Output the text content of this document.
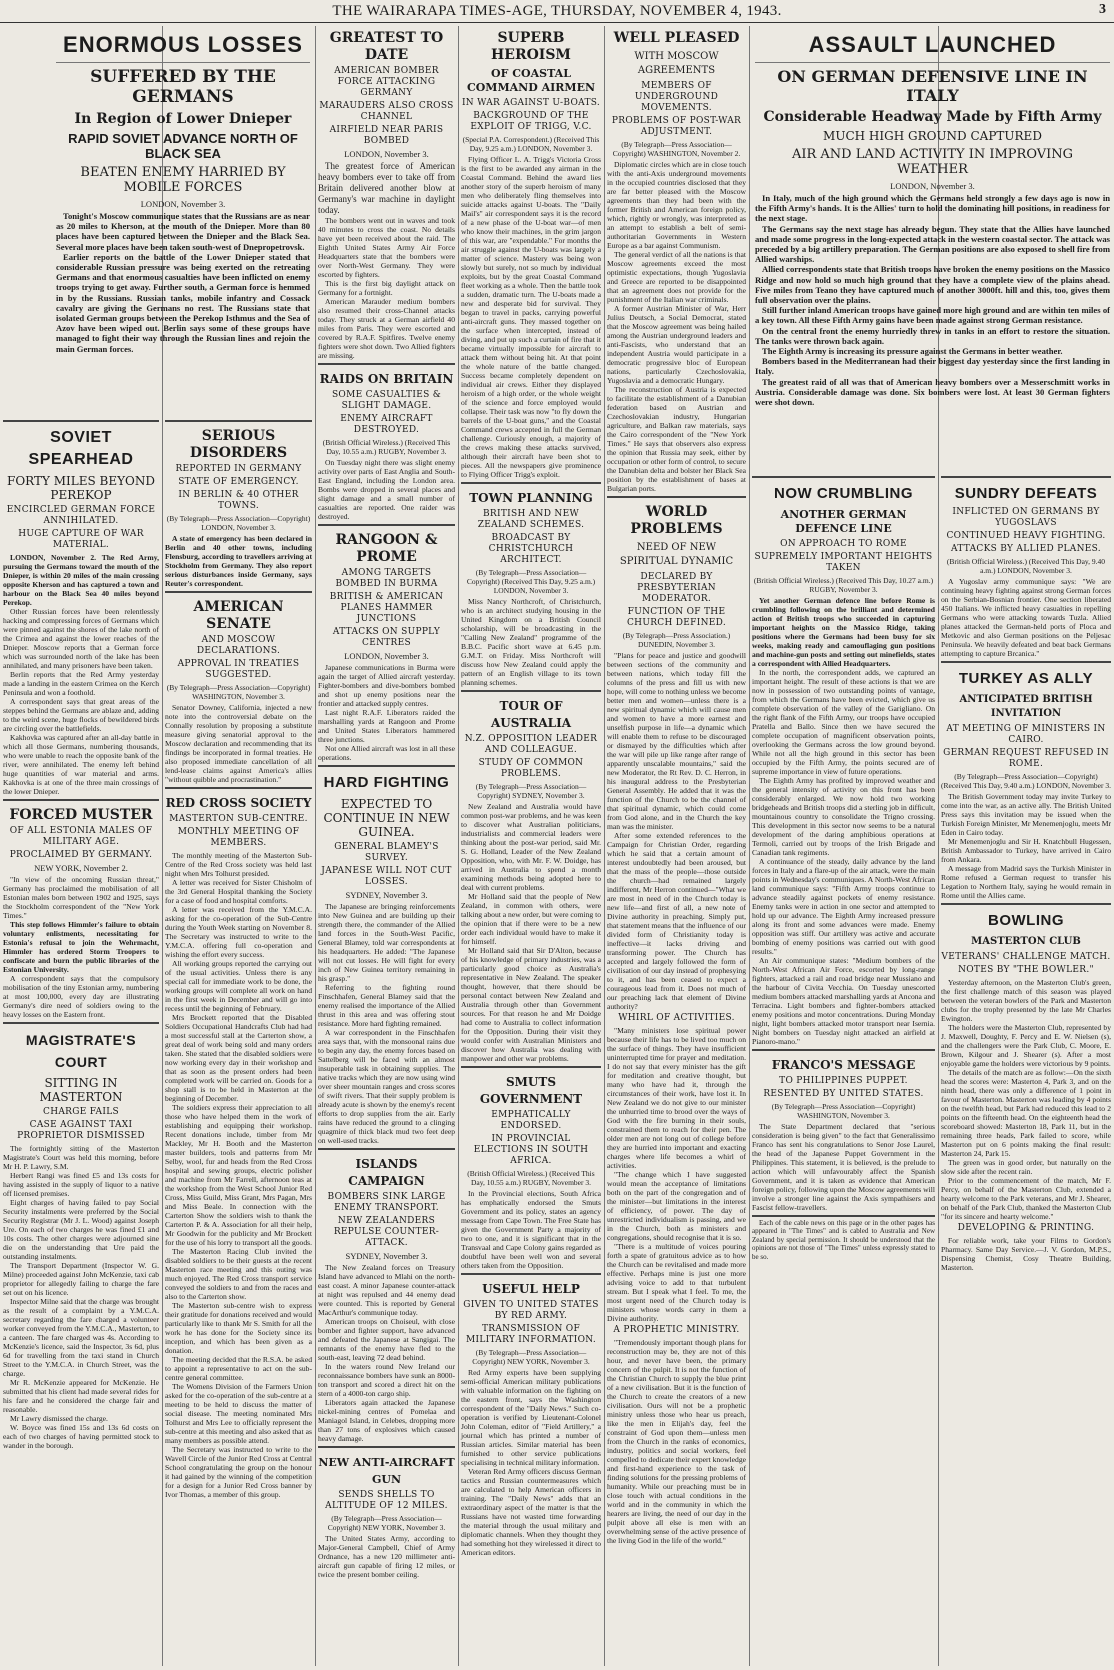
THE WAIRARAPA TIMES-AGE, THURSDAY, NOVEMBER 4, 1943.	3
ENORMOUS LOSSES
SUFFERED BY THE GERMANS
In Region of Lower Dnieper
RAPID SOVIET ADVANCE NORTH OF BLACK SEA
BEATEN ENEMY HARRIED BY MOBILE FORCES
LONDON, November 3.

Tonight's Moscow communique states that the Russians are as near as 20 miles to Kherson, at the mouth of the Dnieper. More than 80 places have been captured between the Dnieper and the Black Sea. Several more places have been taken south-west of Dnepropetrovsk.

Earlier reports on the battle of the Lower Dnieper stated that considerable Russian pressure was being exerted on the retreating Germans and that enormous casualties have been inflicted on enemy troops trying to get away. Further south, a German force is hemmed in by the Russians. Russian tanks, mobile infantry and Cossack cavalry are giving the Germans no rest. The Russians state that isolated German groups between the Perekop Isthmus and the Sea of Azov have been wiped out. Berlin says some of these groups have managed to fight their way through the Russian lines and rejoin the main German forces.

SOVIET SPEARHEAD
FORTY MILES BEYOND PEREKOP
ENCIRCLED GERMAN FORCE ANNIHILATED.
HUGE CAPTURE OF WAR MATERIAL.

LONDON, November 2. The Red Army, pursuing the Germans toward the mouth of the Dnieper, is within 20 miles of the main crossing opposite Kherson and has captured a town and harbour on the Black Sea 40 miles beyond Perekop.

Other Russian forces have been relentlessly hacking and compressing forces of Germans which were pinned against the shores of the lake north of the Crimea and against the lower reaches of the Dnieper. Moscow reports that a German force which was surrounded north of the lake has been annihilated, and many prisoners have been taken.

Berlin reports that the Red Army yesterday made a landing in the eastern Crimea on the Kerch Peninsula and won a foothold.

A correspondent says that great areas of the steppes behind the Germans are ablaze and, adding to the weird scene, huge flocks of bewildered birds are circling over the battlefields.

Kakhovka was captured after an all-day battle in which all those Germans, numbering thousands, who were unable to reach the opposite bank of the river, were annihilated. The enemy left behind huge quantities of war material and arms. Kakhovka is at one of the three main crossings of the lower Dnieper.

FORCED MUSTER
OF ALL ESTONIA MALES OF MILITARY AGE.
PROCLAIMED BY GERMANY.
NEW YORK, November 2.

"In view of the oncoming Russian threat," Germany has proclaimed the mobilisation of all Estonian males born between 1902 and 1925, says the Stockholm correspondent of the "New York Times."

This step follows Himmler's failure to obtain voluntary enlistments, necessitating for Estonia's refusal to join the Wehrmacht, Himmler has ordered Storm Troopers to confiscate and burn the public libraries of the Estonian University.

A correspondent says that the compulsory mobilisation of the tiny Estonian army, numbering at most 100,000, every day are illustrating Germany's dire need of soldiers owing to the heavy losses on the Eastern front.

MAGISTRATE'S COURT
SITTING IN MASTERTON
CHARGE FAILS
CASE AGAINST TAXI PROPRIETOR DISMISSED

The fortnightly sitting of the Masterton Magistrate's Court was held this morning, before Mr H. P. Lawry, S.M.

Herbert Rangi was fined £5 and 13s costs for having assisted in the supply of liquor to a native off licensed premises.

Eight charges of having failed to pay Social Security instalments were preferred by the Social Security Registrar (Mr J. L. Wood) against Joseph Ure. On each of two charges he was fined £1 and 10s costs. The other charges were adjourned sine die on the understanding that Ure paid the outstanding instalments.

The Transport Department (Inspector W. G. Milne) proceeded against John McKenzie, taxi cab proprietor for allegedly failing to charge the fare set out on his licence.

Inspector Milne said that the charge was brought as the result of a complaint by a Y.M.C.A. secretary regarding the fare charged a volunteer worker conveyed from the Y.M.C.A., Masterton, to a canteen. The fare charged was 4s. According to McKenzie's licence, said the Inspector, 3s 6d, plus 6d for travelling from the taxi stand in Church Street to the Y.M.C.A. in Church Street, was the charge.

Mr R. McKenzie appeared for McKenzie. He submitted that his client had made several rides for his fare and he considered the charge fair and reasonable.

Mr Lawry dismissed the charge.

W. Boyce was fined 15s and 13s 6d costs on each of two charges of having permitted stock to wander in the borough.

SERIOUS DISORDERS
REPORTED IN GERMANY
STATE OF EMERGENCY.
IN BERLIN & 40 OTHER TOWNS.
(By Telegraph—Press Association—Copyright) LONDON, November 3.

A state of emergency has been declared in Berlin and 40 other towns, including Flensburg, according to travellers arriving at Stockholm from Germany. They also report serious disturbances inside Germany, says Reuter's correspondent.

AMERICAN SENATE
AND MOSCOW DECLARATIONS.
APPROVAL IN TREATIES SUGGESTED.
(By Telegraph—Press Association—Copyright) WASHINGTON, November 3.

Senator Downey, California, injected a new note into the controversial debate on the Connally resolution by proposing a substitute measure giving senatorial approval to the Moscow declaration and recommending that its findings be incorporated in formal treaties. He also proposed immediate cancellation of all lend-lease claims against America's allies "without quibble and procrastination."

RED CROSS SOCIETY
MASTERTON SUB-CENTRE.
MONTHLY MEETING OF MEMBERS.

The monthly meeting of the Masterton Sub-Centre of the Red Cross society was held last night when Mrs Tolhurst presided.

A letter was received for Sister Chisholm of the 3rd General Hospital thanking the Society for a case of food and hospital comforts.

A letter was received from the Y.M.C.A. asking for the co-operation of the Sub-Centre during the Youth Week starting on November 8. The Secretary was instructed to write to the Y.M.C.A. offering full co-operation and wishing the effort every success.

All working groups reported the carrying out of the usual activities. Unless there is any special call for immediate work to be done, the working groups will complete all work on hand in the first week in December and will go into recess until the beginning of February.

Mrs Brockett reported that the Disabled Soldiers Occupational Handcrafts Club had had a most successful stall at the Carterton show, a great deal of work being sold and many orders taken. She stated that the disabled soldiers were now working every day in their workshop and that as soon as the present orders had been completed work will be carried on. Goods for a shop stall is to be held in Masterton at the beginning of December.

The soldiers express their appreciation to all those who have helped them in the work of establishing and equipping their workshop. Recent donations include, timber from Mr Mackley, Mr H. Booth and the Masterton master builders, tools and patterns from Mr Selby, wool, fur and heads from the Red Cross hospital and sewing groups, electric polisher and machine from Mr Farrell, afternoon teas at the workshop from the West School Junior Red Cross, Miss Guild, Miss Grant, Mrs Pagan, Mrs and Miss Beale. In connection with the Carterton Show the soldiers wish to thank the Carterton P. & A. Association for all their help, Mr Goodwin for the publicity and Mr Brockett for the use of his lorry to transport all the goods.

The Masterton Racing Club invited the disabled soldiers to be their guests at the recent Masterton race meeting and this outing was much enjoyed. The Red Cross transport service conveyed the soldiers to and from the races and also to the Carterton show.

The Masterton sub-centre wish to express their gratitude for donations received and would particularly like to thank Mr S. Smith for all the work he has done for the Society since its inception, and which has been given as a donation.

The meeting decided that the R.S.A. be asked to appoint a representative to act on the sub-centre general committee.

The Womens Division of the Farmers Union asked for the co-operation of the sub-centre at a meeting to be held to discuss the matter of social disease. The meeting nominated Mrs Tolhurst and Mrs Lee to officially represent the sub-centre at this meeting and also asked that as many members as possible attend.

The Secretary was instructed to write to the Wavell Circle of the Junior Red Cross at Central School congratulating the group on the honour it had gained by the winning of the competition for a design for a Junior Red Cross banner by Ivor Thomas, a member of this group.

GREATEST TO DATE
AMERICAN BOMBER FORCE ATTACKING GERMANY
MARAUDERS ALSO CROSS CHANNEL
AIRFIELD NEAR PARIS BOMBED
LONDON, November 3.

The greatest force of American heavy bombers ever to take off from Britain delivered another blow at Germany's war machine in daylight today.

The bombers went out in waves and took 40 minutes to cross the coast. No details have yet been received about the raid. The Eighth United States Army Air Force Headquarters state that the bombers were over North-West Germany. They were escorted by fighters.

This is the first big daylight attack on Germany for a fortnight.

American Marauder medium bombers also resumed their cross-Channel attacks today. They struck at a German airfield 40 miles from Paris. They were escorted and covered by R.A.F. Spitfires. Twelve enemy fighters were shot down. Two Allied fighters are missing.

RAIDS ON BRITAIN
SOME CASUALTIES & SLIGHT DAMAGE.
ENEMY AIRCRAFT DESTROYED.
(British Official Wireless.) (Received This Day, 10.55 a.m.) RUGBY, November 3.

On Tuesday night there was slight enemy activity over parts of East Anglia and South-East England, including the London area. Bombs were dropped in several places and slight damage and a small number of casualties are reported. One raider was destroyed.

RANGOON & PROME
AMONG TARGETS BOMBED IN BURMA
BRITISH & AMERICAN PLANES HAMMER JUNCTIONS
ATTACKS ON SUPPLY CENTRES
LONDON, November 3.

Japanese communications in Burma were again the target of Allied aircraft yesterday. Fighter-bombers and dive-bombers bombed and shot up enemy positions near the frontier and attacked supply centres.

Last night R.A.F. Liberators raided the marshalling yards at Rangoon and Prome and United States Liberators hammered three junctions.

Not one Allied aircraft was lost in all these operations.

HARD FIGHTING
EXPECTED TO CONTINUE IN NEW GUINEA.
GENERAL BLAMEY'S SURVEY.
JAPANESE WILL NOT CUT LOSSES.
SYDNEY, November 3.

The Japanese are bringing reinforcements into New Guinea and are building up their strength there, the commander of the Allied land forces in the South-West Pacific, General Blamey, told war correspondents at his headquarters. He added: "The Japanese will not cut losses. He will fight for every inch of New Guinea territory remaining in his grasp."

Referring to the fighting round Finschhafen, General Blamey said that the enemy realised the importance of the Allied thrust in this area and was offering stout resistance. More hard fighting remained.

A war correspondent in the Finschhafen area says that, with the monsoonal rains due to begin any day, the enemy forces based on Sattelberg will be faced with an almost insuperable task in obtaining supplies. The native tracks which they are now using wind over sheer mountain ranges and cross scores of swift rivers. That their supply problem is already acute is shown by the enemy's recent efforts to drop supplies from the air. Early rains have reduced the ground to a clinging quagmire of thick black mud two feet deep on well-used tracks.

ISLANDS CAMPAIGN
BOMBERS SINK LARGE ENEMY TRANSPORT.
NEW ZEALANDERS REPULSE COUNTER-ATTACK.
SYDNEY, November 3.

The New Zealand forces on Treasury Island have advanced to Mlahi on the north-east coast. A minor Japanese counter-attack at night was repulsed and 44 enemy dead were counted. This is reported by General MacArthur's communique today.

American troops on Choiseul, with close bomber and fighter support, have advanced and defeated the Japanese at Sangigai. The remnants of the enemy have fled to the south-east, leaving 72 dead behind.

In the waters round New Ireland our reconnaissance bombers have sunk an 8000-ton transport and scored a direct hit on the stern of a 4000-ton cargo ship.

Liberators again attacked the Japanese nickel-mining centres of Pomelaa and Maniagol Island, in Celebes, dropping more than 27 tons of explosives which caused heavy damage.

NEW ANTI-AIRCRAFT GUN
SENDS SHELLS TO ALTITUDE OF 12 MILES.
(By Telegraph—Press Association—Copyright) NEW YORK, November 3.

The United States Army, according to Major-General Campbell, Chief of Army Ordnance, has a new 120 millimeter anti-aircraft gun capable of firing 12 miles, or twice the present bomber ceiling.

SUPERB HEROISM
OF COASTAL COMMAND AIRMEN
IN WAR AGAINST U-BOATS.
BACKGROUND OF THE EXPLOIT OF TRIGG, V.C.
(Special P.A. Correspondent.) (Received This Day, 9.25 a.m.) LONDON, November 3.

Flying Officer L. A. Trigg's Victoria Cross is the first to be awarded any airman in the Coastal Command. Behind the award lies another story of the superb heroism of many men who deliberately fling themselves into suicide attacks against U-boats. The "Daily Mail's" air correspondent says it is the record of a new phase of the U-boat war—of men who know their machines, in the grim jargon of this war, are "expendable." For months the air struggle against the U-boats was largely a matter of science. Mastery was being won slowly but surely, not so much by individual exploits, but by the great Coastal Command fleet working as a whole. Then the battle took a sudden, dramatic turn. The U-boats made a new and desperate bid for survival. They began to travel in packs, carrying powerful anti-aircraft guns. They massed together on the surface when intercepted, instead of diving, and put up such a curtain of fire that it became virtually impossible for aircraft to attack them without being hit. At that point the whole nature of the battle changed. Success became completely dependent on individual air crews. Either they displayed heroism of a high order, or the whole weight of the science and force employed would collapse. Their task was now "to fly down the barrels of the U-boat guns," and the Coastal Command crews accepted in full the German challenge. Curiously enough, a majority of the crews making these attacks survived, although their aircraft have been shot to pieces. All the newspapers give prominence to Flying Officer Trigg's exploit.

TOWN PLANNING
BRITISH AND NEW ZEALAND SCHEMES.
BROADCAST BY CHRISTCHURCH ARCHITECT.
(By Telegraph—Press Association—Copyright) (Received This Day, 9.25 a.m.) LONDON, November 3.

Miss Nancy Northcroft, of Christchurch, who is an architect studying housing in the United Kingdom on a British Council scholarship, will be broadcasting in the "Calling New Zealand" programme of the B.B.C. Pacific short wave at 6.45 p.m. G.M.T. on Friday. Miss Northcroft will discuss how New Zealand could apply the pattern of an English village to its town planning schemes.

TOUR OF AUSTRALIA
N.Z. OPPOSITION LEADER AND COLLEAGUE.
STUDY OF COMMON PROBLEMS.
(By Telegraph—Press Association—Copyright) SYDNEY, November 3.

New Zealand and Australia would have common post-war problems, and he was keen to discover what Australian politicians, industrialists and commercial leaders were thinking about the post-war period, said Mr. S. G. Holland, Leader of the New Zealand Opposition, who, with Mr. F. W. Doidge, has arrived in Australia to spend a month examining methods being adopted here to deal with current problems.

Mr Holland said that the people of New Zealand, in common with others, were talking about a new order, but were coming to the opinion that if there were to be a new order each individual would have to make it for himself.

Mr Holland said that Sir D'Alton, because of his knowledge of primary industries, was a particularly good choice as Australia's representative in New Zealand. The speaker thought, however, that there should be personal contact between New Zealand and Australia through other than Government sources. For that reason he and Mr Doidge had come to Australia to collect information for the Opposition. During their visit they would confer with Australian Ministers and discover how Australia was dealing with manpower and other war problems.

SMUTS GOVERNMENT
EMPHATICALLY ENDORSED.
IN PROVINCIAL ELECTIONS IN SOUTH AFRICA.
(British Official Wireless.) (Received This Day, 10.55 a.m.) RUGBY, November 3.

In the Provincial elections, South Africa has emphatically endorsed the Smuts Government and its policy, states an agency message from Cape Town. The Free State has given the Government Party a majority of two to one, and it is significant that in the Transvaal and Cape Colony gains regarded as doubtful have been well won and several others taken from the Opposition.

USEFUL HELP
GIVEN TO UNITED STATES BY RED ARMY.
TRANSMISSION OF MILITARY INFORMATION.
(By Telegraph—Press Association—Copyright) NEW YORK, November 3.

Red Army experts have been supplying semi-official American military publications with valuable information on the fighting on the eastern front, says the Washington correspondent of the "Daily News." Such co-operation is verified by Lieutenant-Colonel John Coleman, editor of "Field Artillery," a journal which has printed a number of Russian articles. Similar material has been furnished to other service publications specialising in technical military information.

Veteran Red Army officers discuss German tactics and Russian countermeasures which are calculated to help American officers in training. The "Daily News" adds that an extraordinary aspect of the matter is that the Russians have not wasted time forwarding the material through the usual military and diplomatic channels. When they thought they had something hot they wirelessed it direct to American editors.

WELL PLEASED
WITH MOSCOW AGREEMENTS
MEMBERS OF UNDERGROUND MOVEMENTS.
PROBLEMS OF POST-WAR ADJUSTMENT.
(By Telegraph—Press Association—Copyright) WASHINGTON, November 2.

Diplomatic circles which are in close touch with the anti-Axis underground movements in the occupied countries disclosed that they are far better pleased with the Moscow agreements than they had been with the former British and American foreign policy, which, rightly or wrongly, was interpreted as an attempt to establish a belt of semi-authoritarian Governments in Western Europe as a bar against Communism.

The general verdict of all the nations is that Moscow agreements exceed the most optimistic expectations, though Yugoslavia and Greece are reported to be disappointed that an agreement does not provide for the punishment of the Italian war criminals.

A former Austrian Minister of War, Herr Julius Deutsch, a Social Democrat, stated that the Moscow agreement was being hailed among the Austrian underground leaders and anti-Fascists, who understand that an independent Austria would participate in a democratic progressive bloc of European nations, particularly Czechoslovakia, Yugoslavia and a democratic Hungary.

The reconstruction of Austria is expected to facilitate the establishment of a Danubian federation based on Austrian and Czechoslovakian industry, Hungarian agriculture, and Balkan raw materials, says the Cairo correspondent of the "New York Times." He says that observers also express the opinion that Russia may seek, either by occupation or other form of control, to secure the Danubian delta and bolster her Black Sea position by the establishment of bases at Bulgarian ports.

WORLD PROBLEMS
NEED OF NEW SPIRITUAL DYNAMIC
DECLARED BY PRESBYTERIAN MODERATOR.
FUNCTION OF THE CHURCH DEFINED.
(By Telegraph—Press Association.) DUNEDIN, November 3.

"Plans for peace and justice and goodwill between sections of the community and between nations, which today fill the columns of the press and fill us with new hope, will come to nothing unless we become better men and women—unless there is a new spiritual dynamic which will cause men and women to have a more earnest and unselfish purpose in life—a dynamic which will enable them to refuse to be discouraged or dismayed by the difficulties which after the war will pile up like range after range of apparently unscalable mountains," said the new Moderator, the Rt Rev. D. C. Herron, in his inaugural address to the Presbyterian General Assembly. He added that it was the function of the Church to be the channel of that spiritual dynamic, which could come from God alone, and in the Church the key man was the minister.

After some extended references to the Campaign for Christian Order, regarding which he said that a certain amount of interest undoubtedly had been aroused, but that the mass of the people—those outside the church—had remained largely indifferent, Mr Herron continued—"What we are most in need of in the Church today is new life—and first of all, a new note of Divine authority in preaching. Simply put, that statement means that the influence of our divided form of Christianity today is ineffective—it lacks driving and transforming power. The Church has accepted and largely followed the form of civilisation of our day instead of prophesying to it, and has been ceased to expect a courageous lead from it. Does not much of our preaching lack that element of Divine authority?

WHIRL OF ACTIVITIES.

"Many ministers lose spiritual power because their life has to be lived too much on the surface of things. They have insufficient uninterrupted time for prayer and meditation. I do not say that every minister has the gift for meditation and creative thought, but many who have had it, through the circumstances of their work, have lost it. In New Zealand we do not give to our minister the unhurried time to brood over the ways of God with the fire burning in their souls, constrained them to reach for their pen. The older men are not long out of college before they are hurried into important and exacting charges where life becomes a whirl of activities.

"The change which I have suggested would mean the acceptance of limitations both on the part of the congregation and of the minister—but limitations in the interest of efficiency, of power. The day of unrestricted individualism is passing, and we in the Church, both as ministers and congregations, should recognise that it is so.

"There is a multitude of voices pouring forth a spate of gratuitous advice as to how the Church can be revitalised and made more effective. Perhaps mine is just one more advising voice to add to that turbulent stream. But I speak what I feel. To me, the most urgent need of the Church today is ministers whose words carry in them a Divine authority.

A PROPHETIC MINISTRY.

"Tremendously important though plans for reconstruction may be, they are not of this hour, and never have been, the primary concern of the pulpit. It is not the function of the Christian Church to supply the blue print of a new civilisation. But it is the function of the Church to create the creators of a new civilisation. Ours will not be a prophetic ministry unless those who hear us preach, like the men in Elijah's day, feel the constraint of God upon them—unless men from the Church in the ranks of economics, industry, politics and social workers, feel compelled to dedicate their expert knowledge and first-hand experience to the task of finding solutions for the pressing problems of humanity. While our preaching must be in close touch with actual conditions in the world and in the community in which the hearers are living, the need of our day in the pulpit above all else is men with an overwhelming sense of the active presence of the living God in the life of the world."

ASSAULT LAUNCHED
ON GERMAN DEFENSIVE LINE IN ITALY
Considerable Headway Made by Fifth Army
MUCH HIGH GROUND CAPTURED
AIR AND LAND ACTIVITY IN IMPROVING WEATHER
LONDON, November 3.

In Italy, much of the high ground which the Germans held strongly a few days ago is now in the Fifth Army's hands. It is the Allies' turn to hold the dominating hill positions, in readiness for the next stage.

The Germans say the next stage has already begun. They state that the Allies have launched and made some progress in the long-expected attack in the western coastal sector. The attack was preceded by a big artillery preparation. The German positions are also exposed to shell fire from Allied warships.

Allied correspondents state that British troops have broken the enemy positions on the Massico Ridge and now hold so much high ground that they have a complete view of the plains ahead. Five miles from Teano they have captured much of another 3000ft. hill and this, too, gives them full observation over the plains.

Still further inland American troops have gained more high ground and are within ten miles of a key town. All these Fifth Army gains have been made against strong German resistance.

On the central front the enemy hurriedly threw in tanks in an effort to restore the situation. The tanks were thrown back again.

The Eighth Army is increasing its pressure against the Germans in better weather.

Bombers based in the Mediterranean had their biggest day yesterday since the first landing in Italy.

The greatest raid of all was that of American heavy bombers over a Messerschmitt works in Austria. Considerable damage was done. Six bombers were lost. At least 30 German fighters were shot down.

NOW CRUMBLING
ANOTHER GERMAN DEFENCE LINE
ON APPROACH TO ROME
SUPREMELY IMPORTANT HEIGHTS TAKEN
(British Official Wireless.) (Received This Day, 10.27 a.m.) RUGBY, November 3.

Yet another German defence line before Rome is crumbling following on the brilliant and determined action of British troops who succeeded in capturing important heights on the Massico Ridge, taking positions where the Germans had been busy for six weeks, making ready and camouflaging gun positions and machine-gun posts and setting out minefields, states a correspondent with Allied Headquarters.

In the north, the correspondent adds, we captured an important height. The result of these actions is that we are now in possession of two outstanding points of vantage, from which the Germans have been evicted, which give us complete observation of the valley of the Garigliano. On the right flank of the Fifth Army, our troops have occupied Pratella and Ballo. Since then we have secured the complete occupation of magnificent observation points, overlooking the Germans across the low ground beyond. While not all the high ground in this sector has been occupied by the Fifth Army, the points secured are of supreme importance in view of future operations.

The Eighth Army has profited by improved weather and the general intensity of activity on this front has been considerably enlarged. We now hold two working bridgeheads and British troops did a sterling job in difficult, mountainous country to consolidate the Trigno crossing. This development in this sector now seems to be a natural development of the daring amphibious operations at Termoli, carried out by troops of the Irish Brigade and Canadian tank regiments.

A continuance of the steady, daily advance by the land forces in Italy and a flare-up of the air attack, were the main points in Wednesday's communiques. A North-West African land communique says: "Fifth Army troops continue to advance steadily against pockets of enemy resistance. Enemy tanks were in action in one sector and attempted to hold up our advance. The Eighth Army increased pressure along its front and some advances were made. Enemy opposition was stiff. Our artillery was active and accurate bombing of enemy positions was carried out with good results."

An Air communique states: "Medium bombers of the North-West African Air Force, escorted by long-range fighters, attacked a rail and road bridge near Mussiano and the harbour of Civita Vecchia. On Tuesday unescorted medium bombers attacked marshalling yards at Ancona and Terracina. Light bombers and fighter-bombers attacked enemy positions and motor concentrations. During Monday night, light bombers attacked motor transport near Isernia. Night bombers on Tuesday night attacked an airfield at Pianoro-mano."

FRANCO'S MESSAGE
TO PHILIPPINES PUPPET.
RESENTED BY UNITED STATES.
(By Telegraph—Press Association—Copyright) WASHINGTON, November 3.

The State Department declared that "serious consideration is being given" to the fact that Generalissimo Franco has sent his congratulations to Senor Jose Laurel, the head of the Japanese Puppet Government in the Philippines. This statement, it is believed, is the prelude to action which will unfavourably affect the Spanish Government, and it is taken as evidence that American foreign policy, following upon the Moscow agreements will involve a stronger line against the Axis sympathisers and Fascist fellow-travellers.

Each of the cable news on this page or in the other pages has appeared in "The Times" and is cabled to Australia and New Zealand by special permission. It should be understood that the opinions are not those of "The Times" unless expressly stated to be so.

SUNDRY DEFEATS
INFLICTED ON GERMANS BY YUGOSLAVS
CONTINUED HEAVY FIGHTING.
ATTACKS BY ALLIED PLANES.
(British Official Wireless.) (Received This Day, 9.40 a.m.) LONDON, November 3.

A Yugoslav army communique says: "We are continuing heavy fighting against strong German forces on the Serbian-Bosnian frontier. One section liberated 450 Italians. We inflicted heavy casualties in repelling Germans who were attacking towards Tuzla. Allied planes attacked the German-held ports of Ploca and Metkovic and also German positions on the Peljesac Peninsula. We heavily defeated and beat back Germans attempting to capture Brcanica."

TURKEY AS ALLY
ANTICIPATED BRITISH INVITATION
AT MEETING OF MINISTERS IN CAIRO.
GERMAN REQUEST REFUSED IN ROME.
(By Telegraph—Press Association—Copyright) (Received This Day, 9.40 a.m.) LONDON, November 3.

The British Government today may invite Turkey to come into the war, as an active ally. The British United Press says this invitation may be issued when the Turkish Foreign Minister, Mr Menemenjoglu, meets Mr Eden in Cairo today.

Mr Menemenjoglu and Sir H. Knatchbull Hugessen, British Ambassador to Turkey, have arrived in Cairo from Ankara.

A message from Madrid says the Turkish Minister in Rome refused a German request to transfer his Legation to Northern Italy, saying he would remain in Rome until the Allies came.

BOWLING
MASTERTON CLUB
VETERANS' CHALLENGE MATCH.
NOTES BY "THE BOWLER."

Yesterday afternoon, on the Masterton Club's green, the first challenge match of this season was played between the veteran bowlers of the Park and Masterton clubs for the trophy presented by the late Mr Charles Ewington.

The holders were the Masterton Club, represented by J. Maxwell, Doughty, F. Percy and E. W. Nielsen (s), and the challengers were the Park Club, C. Moore, E. Brown, Kilgour and J. Shearer (s). After a most enjoyable game the holders were victorious by 9 points.

The details of the match are as follow:—On the sixth head the scores were: Masterton 4, Park 3, and on the ninth head, there was only a difference of 1 point in favour of Masterton. Masterton was leading by 4 points on the twelfth head, but Park had reduced this lead to 2 points on the fifteenth head. On the eighteenth head the scoreboard showed: Masterton 18, Park 11, but in the remaining three heads, Park failed to score, while Masterton put on 6 points making the final result: Masterton 24, Park 15.

The green was in good order, but naturally on the slow side after the recent rain.

Prior to the commencement of the match, Mr F. Percy, on behalf of the Masterton Club, extended a hearty welcome to the Park veterans, and Mr J. Shearer, on behalf of the Park Club, thanked the Masterton Club "for its sincere and hearty welcome."

DEVELOPING & PRINTING.

For reliable work, take your Films to Gordon's Pharmacy. Same Day Service.—J. V. Gordon, M.P.S., Dispensing Chemist, Cosy Theatre Building, Masterton.
